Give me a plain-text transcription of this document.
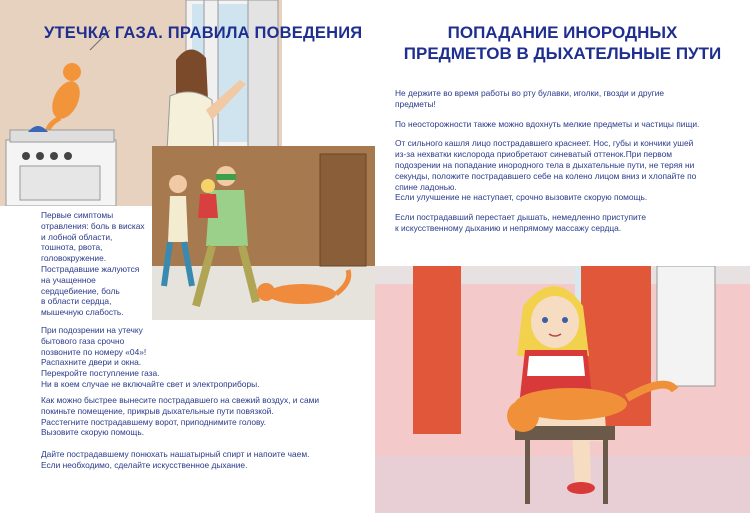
УТЕЧКА ГАЗА. ПРАВИЛА ПОВЕДЕНИЯ
Первые симптомы
отравления: боль в висках
и лобной области,
тошнота, рвота,
головокружение.
Пострадавшие жалуются
на учащенное
сердцебиение, боль
в области сердца,
мышечную слабость.
При подозрении на утечку
бытового газа срочно
позвоните по номеру «04»!
Распахните двери и окна.
Перекройте поступление газа.
Ни в коем случае не включайте свет и электроприборы.
Как можно быстрее вынесите пострадавшего на свежий воздух, и сами
покиньте помещение, прикрыв дыхательные пути повязкой.
Расстегните пострадавшему ворот, приподнимите голову.
Вызовите скорую помощь.
Дайте пострадавшему понюхать нашатырный спирт и напоите чаем.
Если необходимо, сделайте искусственное дыхание.
ПОПАДАНИЕ ИНОРОДНЫХ
ПРЕДМЕТОВ В ДЫХАТЕЛЬНЫЕ ПУТИ

Не держите во время работы во рту булавки, иголки, гвозди и другие
предметы!

По неосторожности также можно вдохнуть мелкие предметы и частицы пищи.

От сильного кашля лицо пострадавшего краснеет. Нос, губы и кончики ушей
из-за нехватки кислорода приобретают синеватый оттенок.При первом
подозрении на попадание инородного тела в дыхательные пути, не теряя ни
секунды, положите пострадавшего себе на колено лицом вниз и хлопайте по
спине ладонью.
Если улучшение не наступает, срочно вызовите скорую помощь.

Если пострадавший перестает дышать, немедленно приступите
к искусственному дыханию и непрямому массажу сердца.
